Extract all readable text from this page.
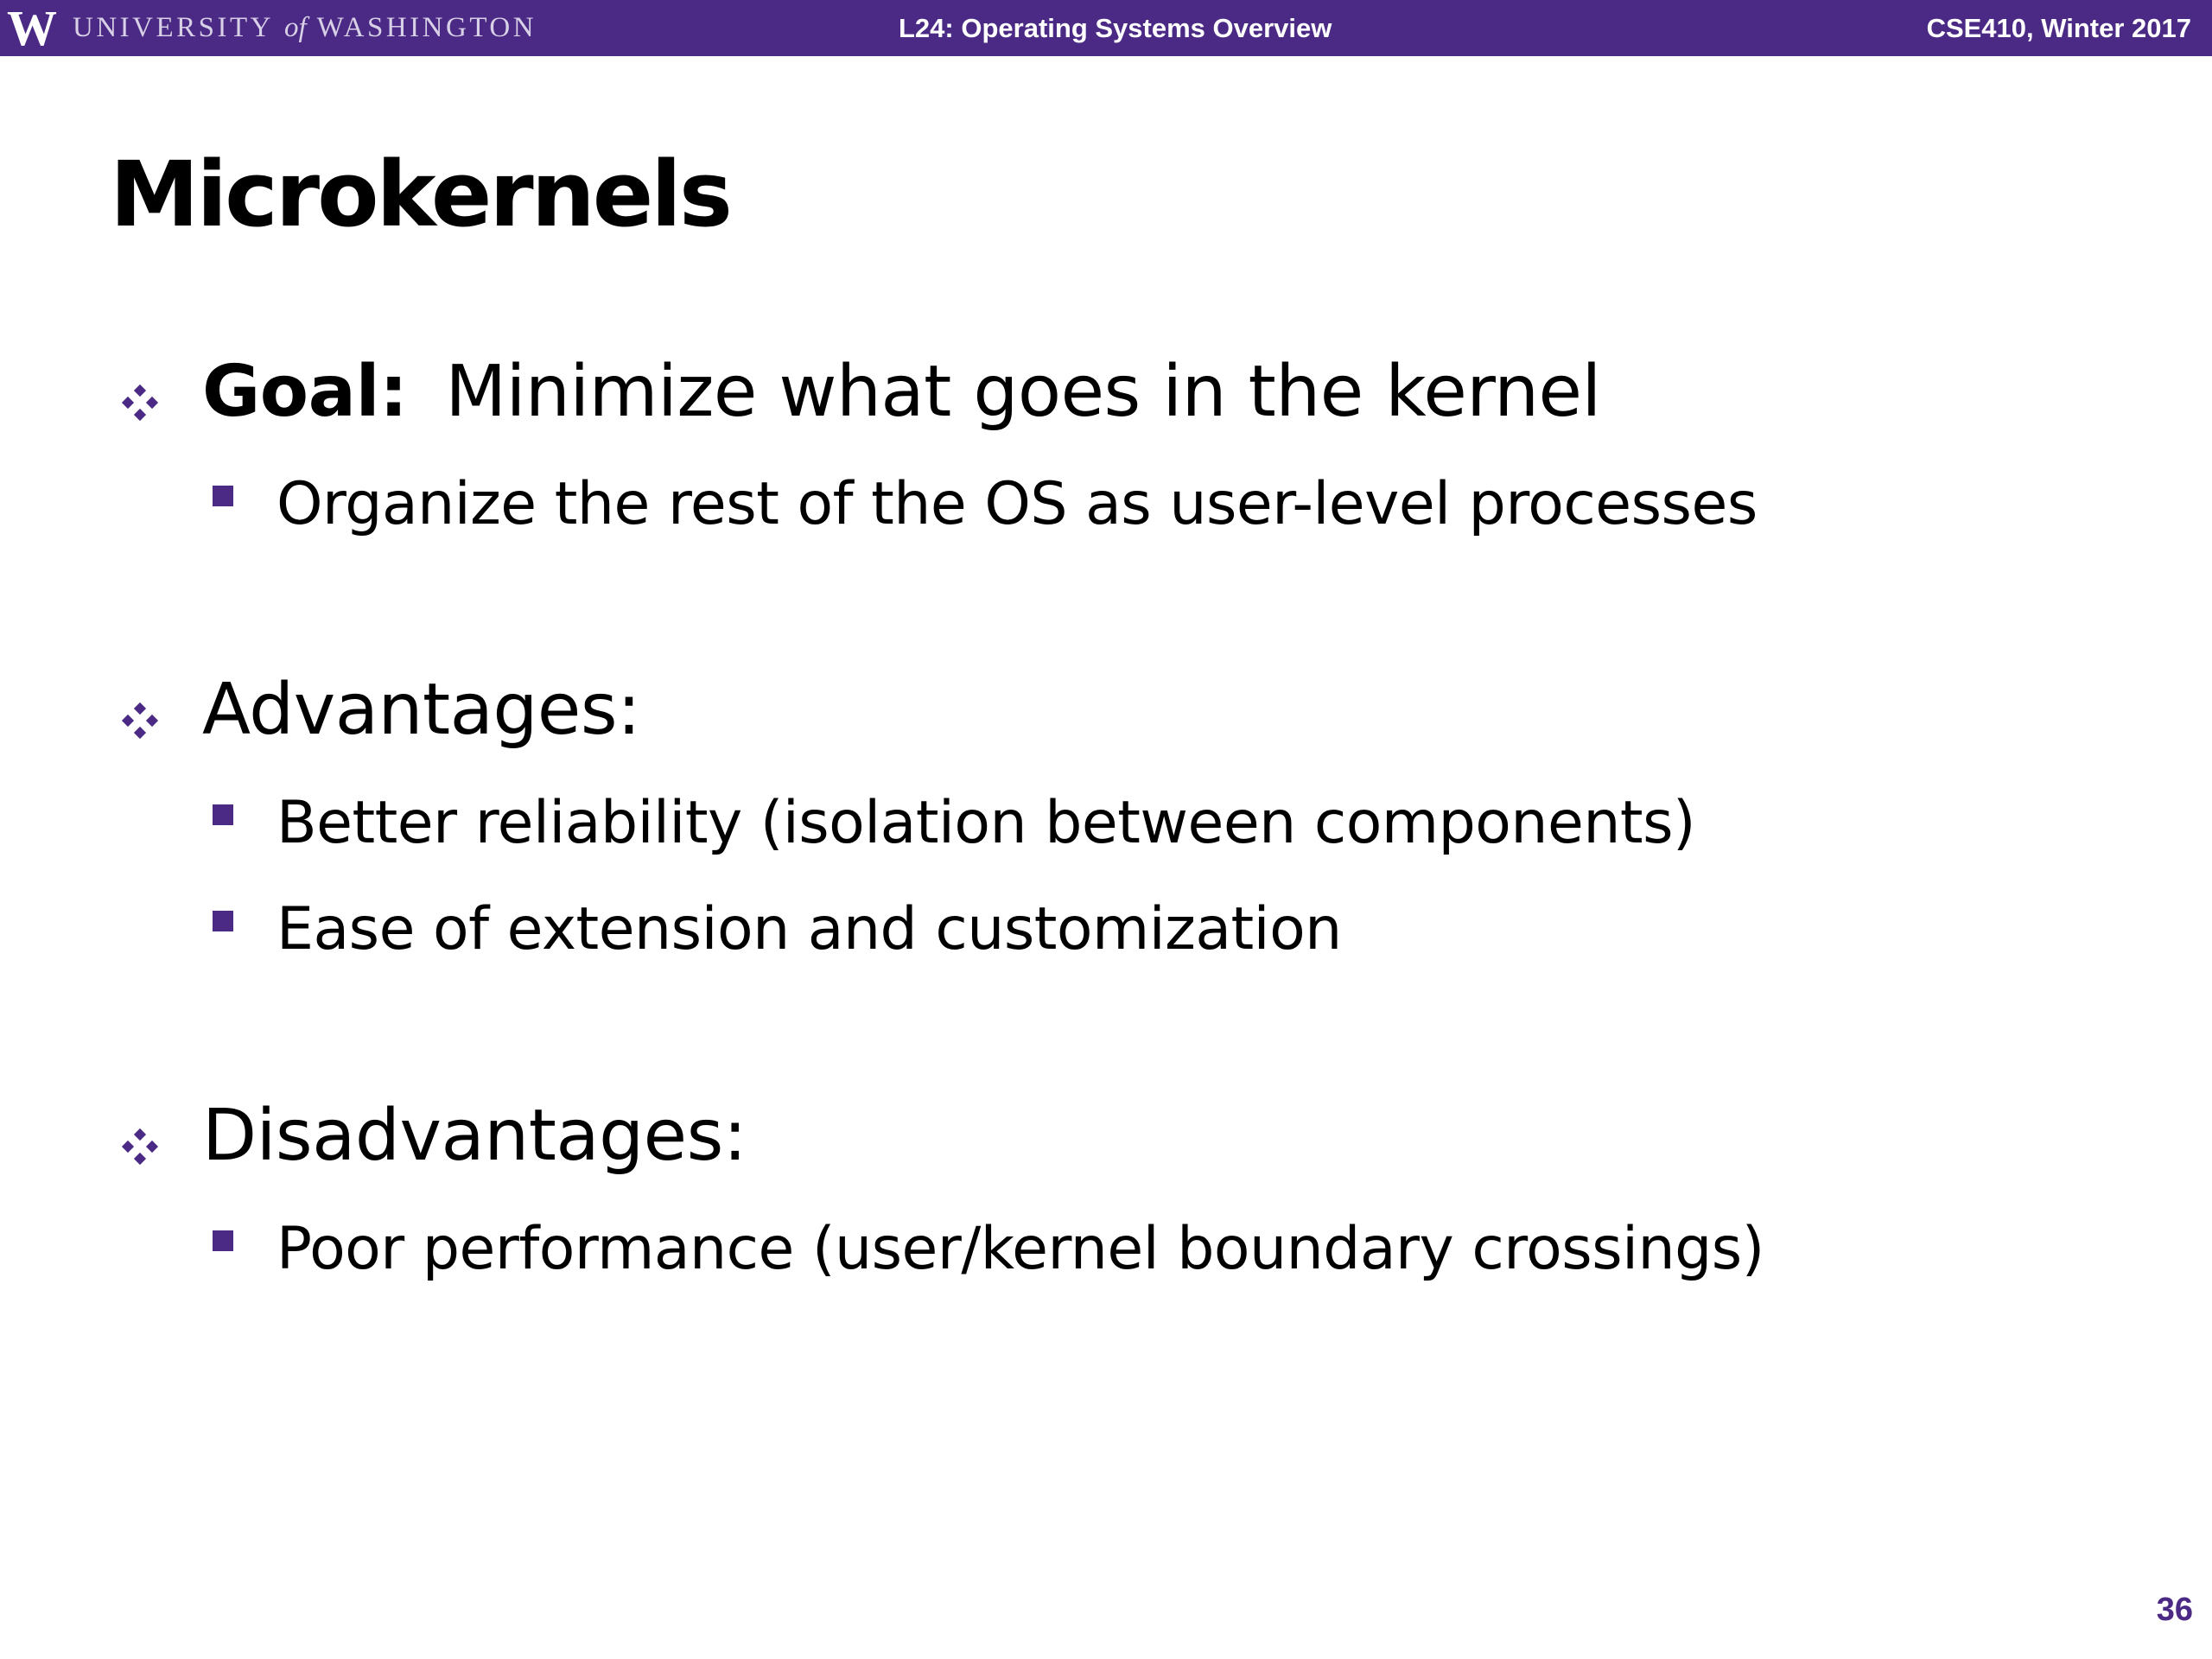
W UNIVERSITY of WASHINGTON	L24: Operating Systems Overview	CSE410, Winter 2017
Microkernels
Goal: Minimize what goes in the kernel
Organize the rest of the OS as user-level processes
Advantages:
Better reliability (isolation between components)
Ease of extension and customization
Disadvantages:
Poor performance (user/kernel boundary crossings)
36
